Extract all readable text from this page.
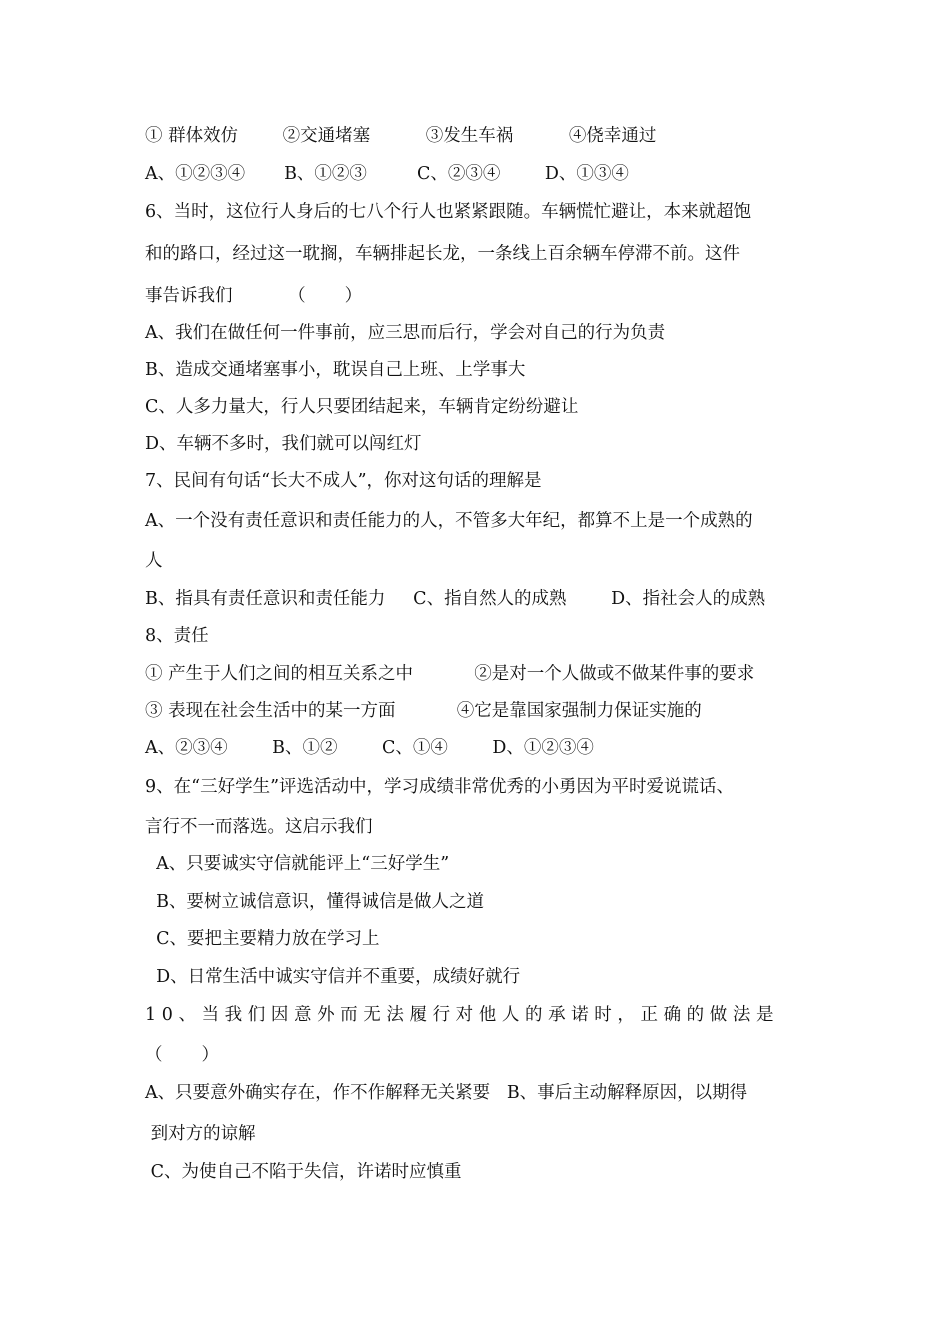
① 群体效仿        ②交通堵塞          ③发生车祸          ④侥幸通过
A、①②③④       B、①②③         C、②③④        D、①③④
6、当时，这位行人身后的七八个行人也紧紧跟随。车辆慌忙避让，本来就超饱
和的路口，经过这一耽搁，车辆排起长龙，一条线上百余辆车停滞不前。这件
事告诉我们          （       ）
A、我们在做任何一件事前，应三思而后行，学会对自己的行为负责
B、造成交通堵塞事小，耽误自己上班、上学事大
C、人多力量大，行人只要团结起来，车辆肯定纷纷避让
D、车辆不多时，我们就可以闯红灯
7、民间有句话“长大不成人”，你对这句话的理解是
A、一个没有责任意识和责任能力的人，不管多大年纪，都算不上是一个成熟的
人
B、指具有责任意识和责任能力     C、指自然人的成熟        D、指社会人的成熟
8、责任
① 产生于人们之间的相互关系之中           ②是对一个人做或不做某件事的要求
③ 表现在社会生活中的某一方面           ④它是靠国家强制力保证实施的
A、②③④        B、①②        C、①④        D、①②③④
9、在“三好学生”评选活动中，学习成绩非常优秀的小勇因为平时爱说谎话、
言行不一而落选。这启示我们
A、只要诚实守信就能评上“三好学生”
B、要树立诚信意识，懂得诚信是做人之道
C、要把主要精力放在学习上
D、日常生活中诚实守信并不重要，成绩好就行
10、当我们因意外而无法履行对他人的承诺时，正确的做法是
（       ）
A、只要意外确实存在，作不作解释无关紧要   B、事后主动解释原因，以期得
到对方的谅解
C、为使自己不陷于失信，许诺时应慎重
